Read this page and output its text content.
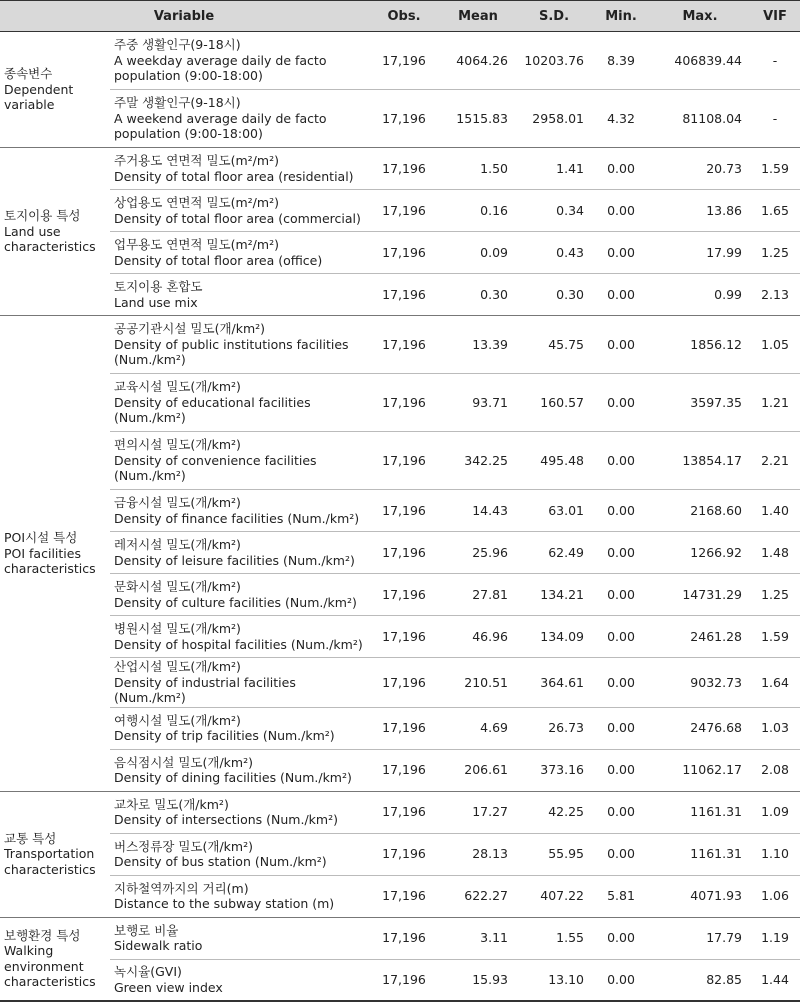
Variable		Obs.	Mean	S.D.	Min.	Max.	VIF

종속변수
Dependent
variable	주중 생활인구(9-18시)
A weekday average daily de facto
population (9:00-18:00)	17,196	4064.26	10203.76	8.39	406839.44	-

	주말 생활인구(9-18시)
A weekend average daily de facto
population (9:00-18:00)	17,196	1515.83	2958.01	4.32	81108.04	-

토지이용 특성
Land use
characteristics	주거용도 연면적 밀도(m²/m²)
Density of total floor area (residential)	17,196	1.50	1.41	0.00	20.73	1.59

	상업용도 연면적 밀도(m²/m²)
Density of total floor area (commercial)	17,196	0.16	0.34	0.00	13.86	1.65

	업무용도 연면적 밀도(m²/m²)
Density of total floor area (office)	17,196	0.09	0.43	0.00	17.99	1.25

	토지이용 혼합도
Land use mix	17,196	0.30	0.30	0.00	0.99	2.13

POI시설 특성
POI facilities
characteristics	공공기관시설 밀도(개/km²)
Density of public institutions facilities
(Num./km²)	17,196	13.39	45.75	0.00	1856.12	1.05

	교육시설 밀도(개/km²)
Density of educational facilities
(Num./km²)	17,196	93.71	160.57	0.00	3597.35	1.21

	편의시설 밀도(개/km²)
Density of convenience facilities
(Num./km²)	17,196	342.25	495.48	0.00	13854.17	2.21

	금융시설 밀도(개/km²)
Density of finance facilities (Num./km²)	17,196	14.43	63.01	0.00	2168.60	1.40

	레저시설 밀도(개/km²)
Density of leisure facilities (Num./km²)	17,196	25.96	62.49	0.00	1266.92	1.48

	문화시설 밀도(개/km²)
Density of culture facilities (Num./km²)	17,196	27.81	134.21	0.00	14731.29	1.25

	병원시설 밀도(개/km²)
Density of hospital facilities (Num./km²)	17,196	46.96	134.09	0.00	2461.28	1.59

	산업시설 밀도(개/km²)
Density of industrial facilities (Num./km²)	17,196	210.51	364.61	0.00	9032.73	1.64

	여행시설 밀도(개/km²)
Density of trip facilities (Num./km²)	17,196	4.69	26.73	0.00	2476.68	1.03

	음식점시설 밀도(개/km²)
Density of dining facilities (Num./km²)	17,196	206.61	373.16	0.00	11062.17	2.08

교통 특성
Transportation
characteristics	교차로 밀도(개/km²)
Density of intersections (Num./km²)	17,196	17.27	42.25	0.00	1161.31	1.09

	버스정류장 밀도(개/km²)
Density of bus station (Num./km²)	17,196	28.13	55.95	0.00	1161.31	1.10

	지하철역까지의 거리(m)
Distance to the subway station (m)	17,196	622.27	407.22	5.81	4071.93	1.06

보행환경 특성
Walking
environment
characteristics	보행로 비율
Sidewalk ratio	17,196	3.11	1.55	0.00	17.79	1.19

	녹시율(GVI)
Green view index	17,196	15.93	13.10	0.00	82.85	1.44
